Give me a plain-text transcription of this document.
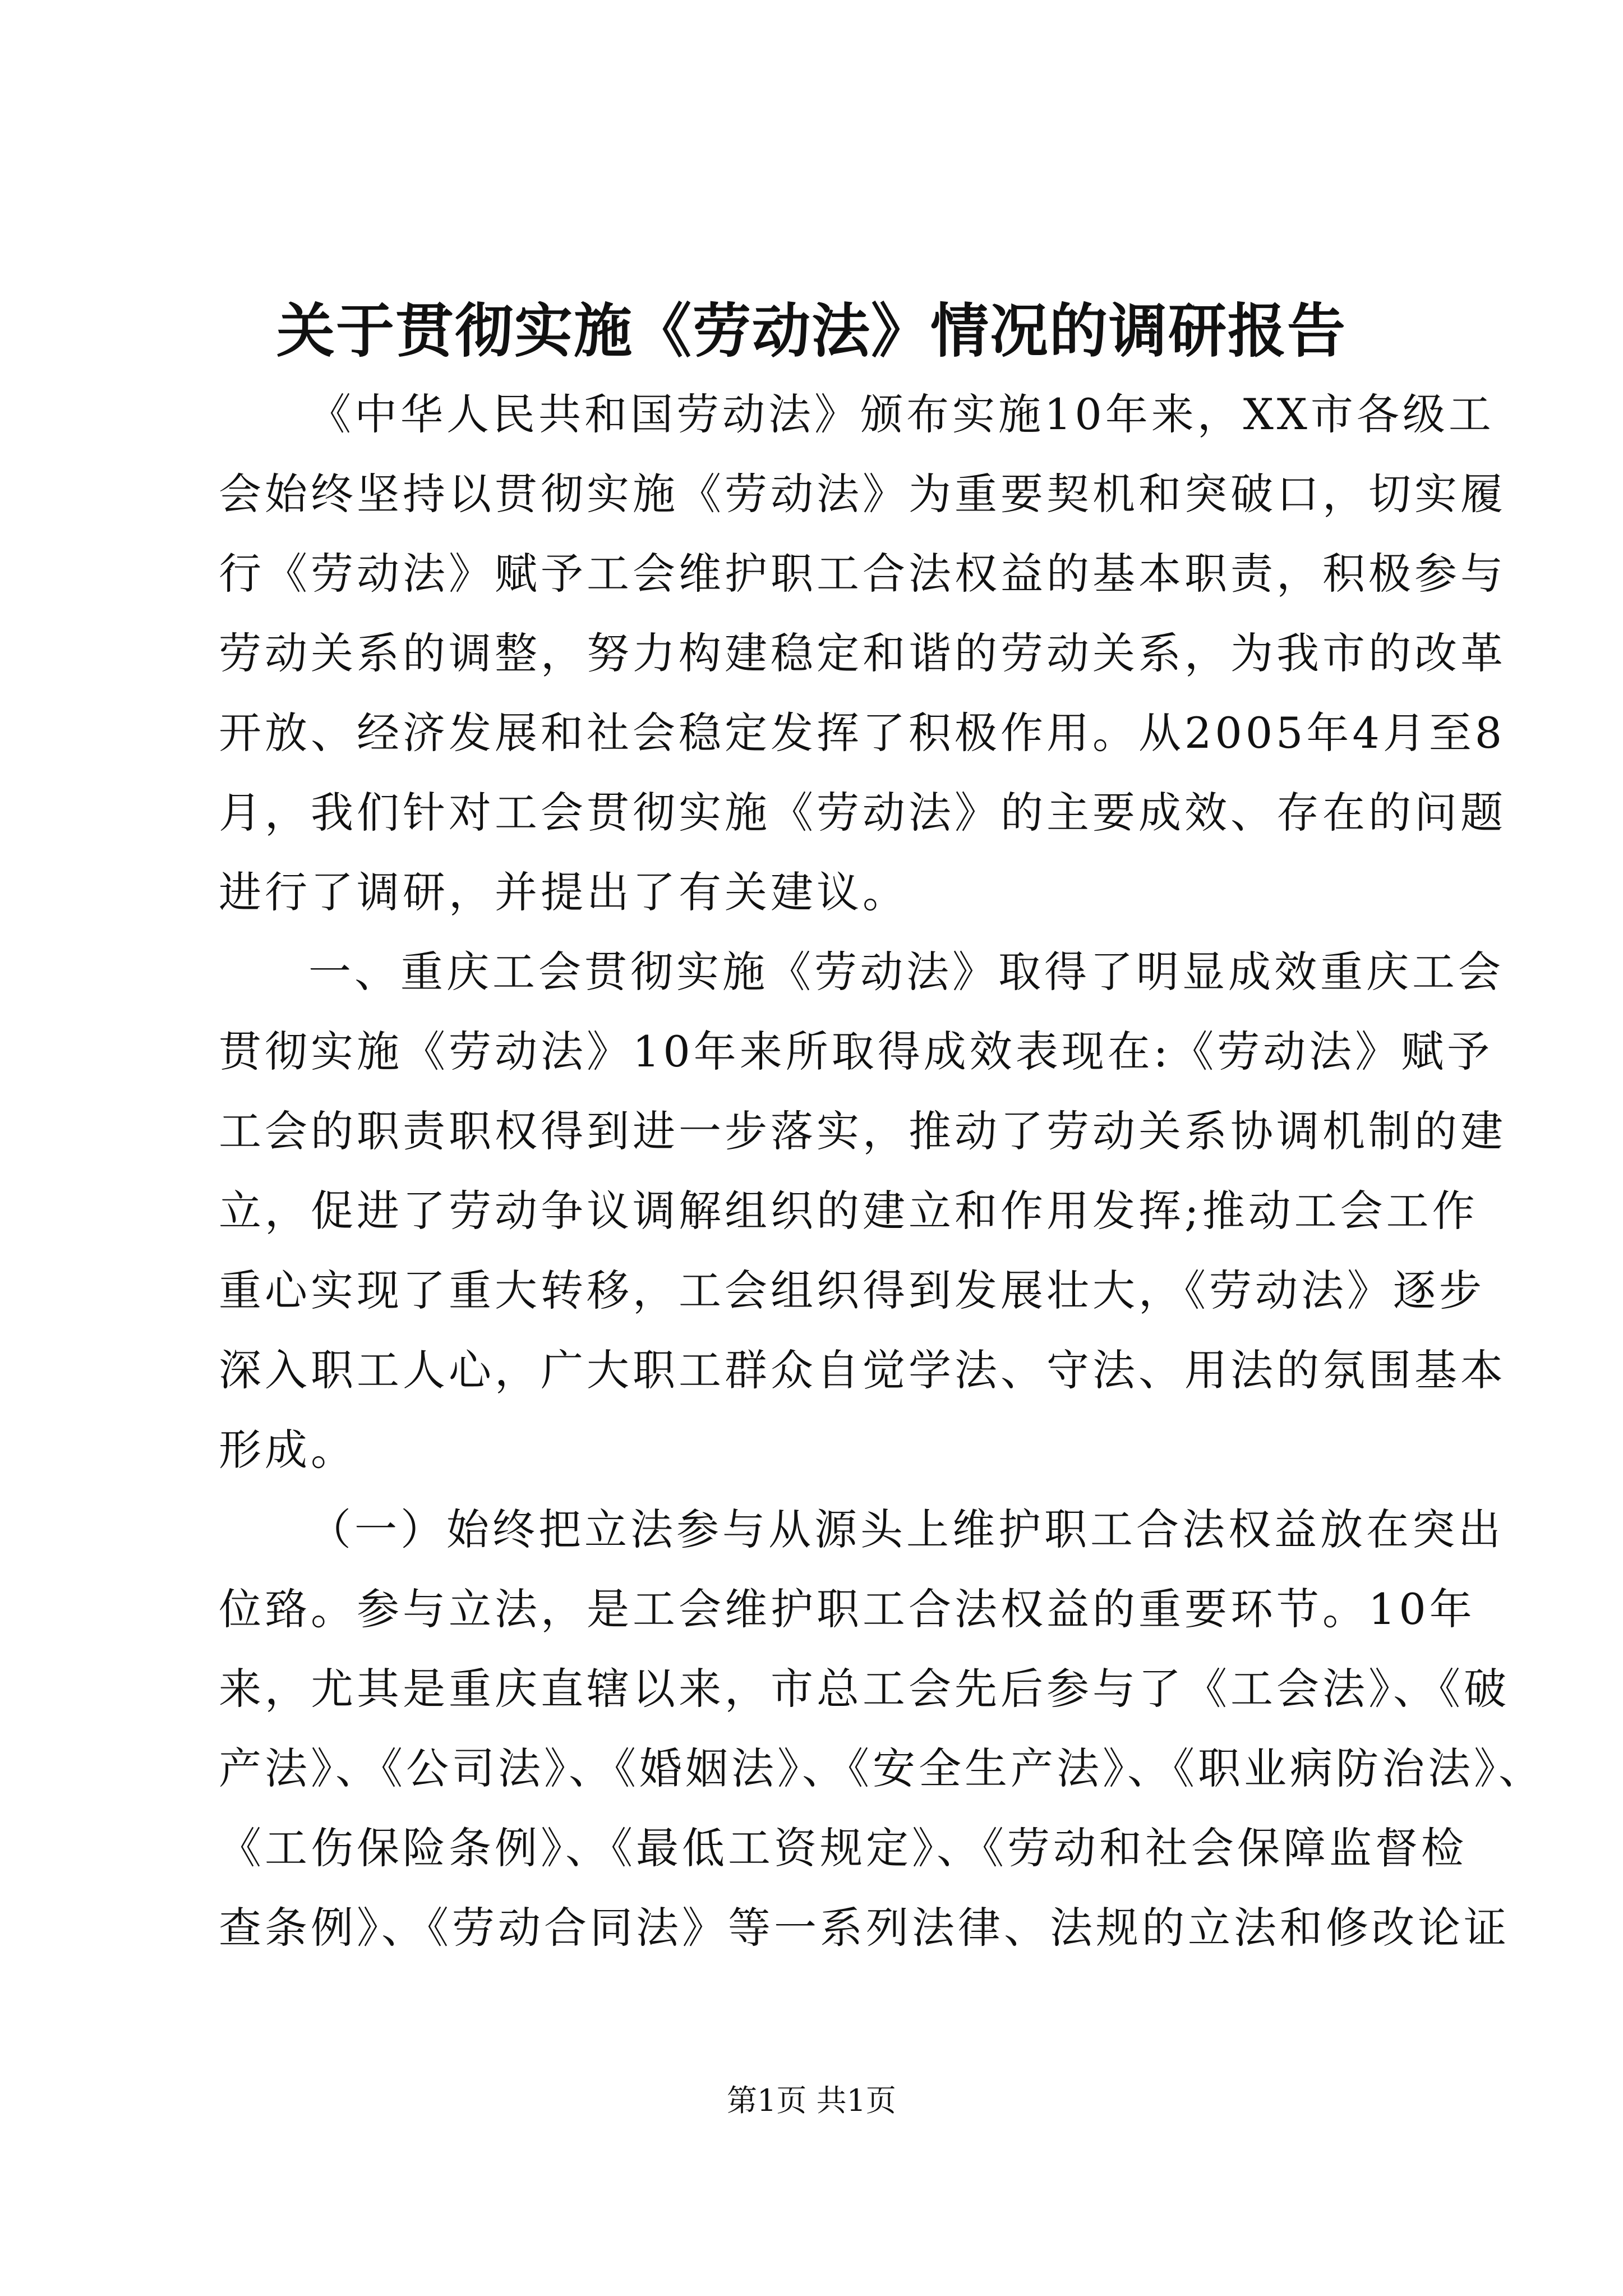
关于贯彻实施《劳动法》情况的调研报告

《中华人民共和国劳动法》颁布实施10年来，XX市各级工
会始终坚持以贯彻实施《劳动法》为重要契机和突破口，切实履
行《劳动法》赋予工会维护职工合法权益的基本职责，积极参与
劳动关系的调整，努力构建稳定和谐的劳动关系，为我市的改革
开放、经济发展和社会稳定发挥了积极作用。从2005年4月至8
月，我们针对工会贯彻实施《劳动法》的主要成效、存在的问题
进行了调研，并提出了有关建议。

一、重庆工会贯彻实施《劳动法》取得了明显成效重庆工会
贯彻实施《劳动法》10年来所取得成效表现在:《劳动法》赋予
工会的职责职权得到进一步落实，推动了劳动关系协调机制的建
立，促进了劳动争议调解组织的建立和作用发挥;推动工会工作
重心实现了重大转移，工会组织得到发展壮大，《劳动法》逐步
深入职工人心，广大职工群众自觉学法、守法、用法的氛围基本
形成。

（一）始终把立法参与从源头上维护职工合法权益放在突出
位臵。参与立法，是工会维护职工合法权益的重要环节。10年
来，尤其是重庆直辖以来，市总工会先后参与了《工会法》、《破
产法》、《公司法》、《婚姻法》、《安全生产法》、《职业病防治法》、
《工伤保险条例》、《最低工资规定》、《劳动和社会保障监督检
查条例》、《劳动合同法》等一系列法律、法规的立法和修改论证

第1页 共1页
